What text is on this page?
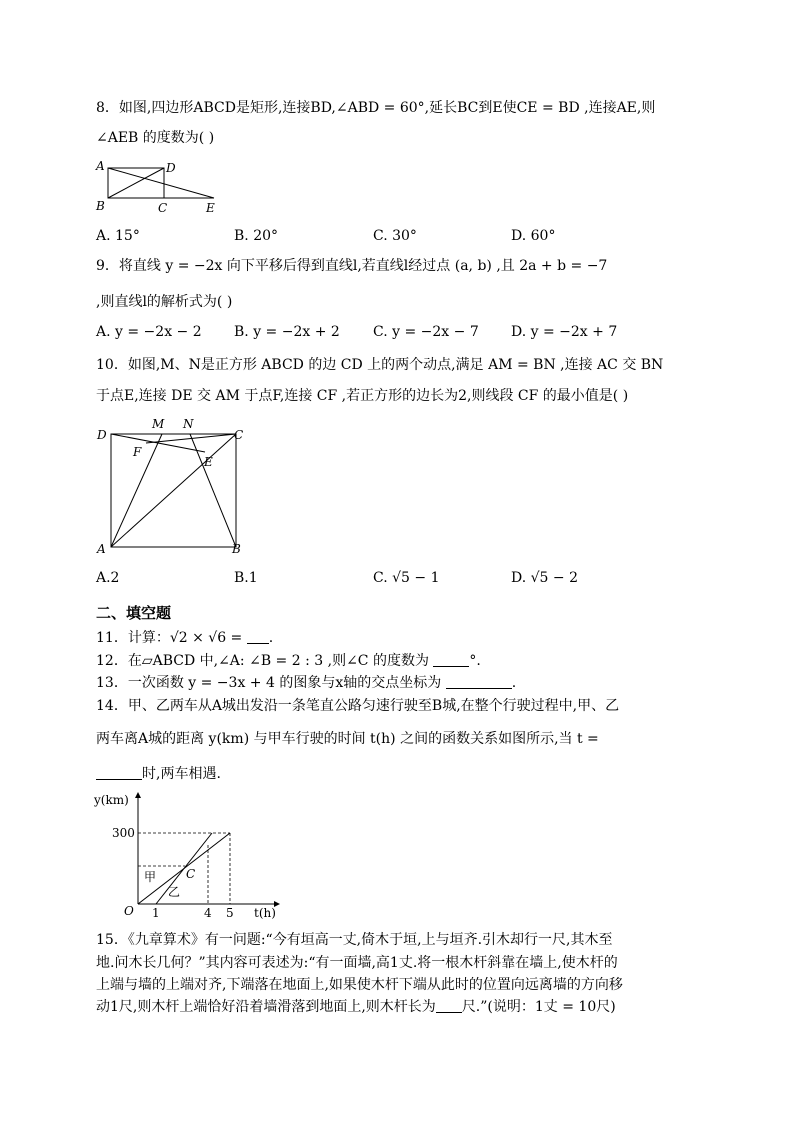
8．如图,四边形ABCD是矩形,连接BD,∠ABD = 60°,延长BC到E使CE = BD ,连接AE,则
∠AEB 的度数为( )
A	D
B	C	E
A. 15°	B. 20°	C. 30°	D. 60°
9．将直线 y = −2x 向下平移后得到直线l,若直线l经过点 (a, b) ,且 2a + b = −7
,则直线l的解析式为( )
A. y = −2x − 2 B. y = −2x + 2 C. y = −2x − 7 D. y = −2x + 7
10．如图,M、N是正方形 ABCD 的边 CD 上的两个动点,满足 AM = BN ,连接 AC 交 BN
于点E,连接 DE 交 AM 于点F,连接 CF ,若正方形的边长为2,则线段 CF 的最小值是( )
D
M N
C
F
E
A	B
A.2	B.1	C. √5 − 1	D. √5 − 2
二、填空题
11．计算：√2 × √6 = .
12．在▱ABCD 中,∠A: ∠B = 2 : 3 ,则∠C 的度数为	°.
13．一次函数 y = −3x + 4 的图象与x轴的交点坐标为	.
14．甲、乙两车从A城出发沿一条笔直公路匀速行驶至B城,在整个行驶过程中,甲、乙
两车离A城的距离 y(km) 与甲车行驶的时间 t(h) 之间的函数关系如图所示,当 t =
时,两车相遇.
y(km)
t(h)
O
300
1	4 5
甲
乙
C
15．《九章算术》有一问题:“今有垣高一丈,倚木于垣,上与垣齐.引木却行一尺,其木至
地.问木长几何？”其内容可表述为:“有一面墙,高1丈.将一根木杆斜靠在墙上,使木杆的
上端与墙的上端对齐,下端落在地面上,如果使木杆下端从此时的位置向远离墙的方向移
动1尺,则木杆上端恰好沿着墙滑落到地面上,则木杆长为 尺.”(说明：1丈 = 10尺)
